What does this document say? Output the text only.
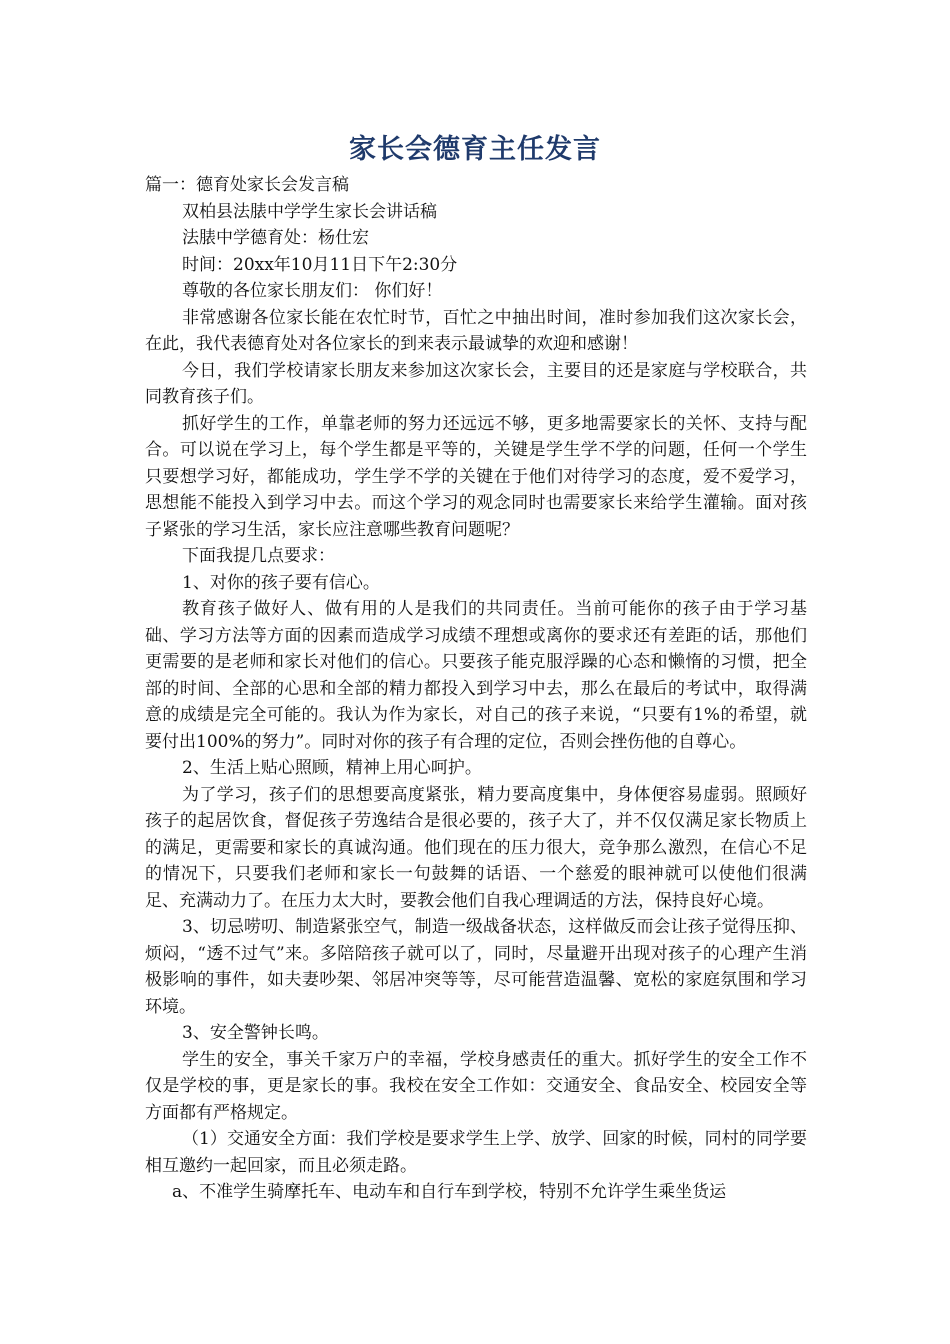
家长会德育主任发言

篇一：德育处家长会发言稿

双柏县法脿中学学生家长会讲话稿

法脿中学德育处：杨仕宏

时间：20xx年10月11日下午2:30分

尊敬的各位家长朋友们： 你们好！

非常感谢各位家长能在农忙时节，百忙之中抽出时间，准时参加我们这次家长会，在此，我代表德育处对各位家长的到来表示最诚挚的欢迎和感谢！

今日，我们学校请家长朋友来参加这次家长会，主要目的还是家庭与学校联合，共同教育孩子们。

抓好学生的工作，单靠老师的努力还远远不够，更多地需要家长的关怀、支持与配合。可以说在学习上，每个学生都是平等的，关键是学生学不学的问题，任何一个学生只要想学习好，都能成功，学生学不学的关键在于他们对待学习的态度，爱不爱学习，思想能不能投入到学习中去。而这个学习的观念同时也需要家长来给学生灌输。面对孩子紧张的学习生活，家长应注意哪些教育问题呢？

下面我提几点要求：

1、对你的孩子要有信心。

教育孩子做好人、做有用的人是我们的共同责任。当前可能你的孩子由于学习基础、学习方法等方面的因素而造成学习成绩不理想或离你的要求还有差距的话，那他们更需要的是老师和家长对他们的信心。只要孩子能克服浮躁的心态和懒惰的习惯，把全部的时间、全部的心思和全部的精力都投入到学习中去，那么在最后的考试中，取得满意的成绩是完全可能的。我认为作为家长，对自己的孩子来说，“只要有1%的希望，就要付出100%的努力”。同时对你的孩子有合理的定位，否则会挫伤他的自尊心。

2、生活上贴心照顾，精神上用心呵护。

为了学习，孩子们的思想要高度紧张，精力要高度集中，身体便容易虚弱。照顾好孩子的起居饮食，督促孩子劳逸结合是很必要的，孩子大了，并不仅仅满足家长物质上的满足，更需要和家长的真诚沟通。他们现在的压力很大，竞争那么激烈，在信心不足的情况下，只要我们老师和家长一句鼓舞的话语、一个慈爱的眼神就可以使他们很满足、充满动力了。在压力太大时，要教会他们自我心理调适的方法，保持良好心境。

3、切忌唠叨、制造紧张空气，制造一级战备状态，这样做反而会让孩子觉得压抑、烦闷，“透不过气”来。多陪陪孩子就可以了，同时，尽量避开出现对孩子的心理产生消极影响的事件，如夫妻吵架、邻居冲突等等，尽可能营造温馨、宽松的家庭氛围和学习环境。

3、安全警钟长鸣。

学生的安全，事关千家万户的幸福，学校身感责任的重大。抓好学生的安全工作不仅是学校的事，更是家长的事。我校在安全工作如：交通安全、食品安全、校园安全等方面都有严格规定。

（1）交通安全方面：我们学校是要求学生上学、放学、回家的时候，同村的同学要相互邀约一起回家，而且必须走路。

a、不准学生骑摩托车、电动车和自行车到学校，特别不允许学生乘坐货运
